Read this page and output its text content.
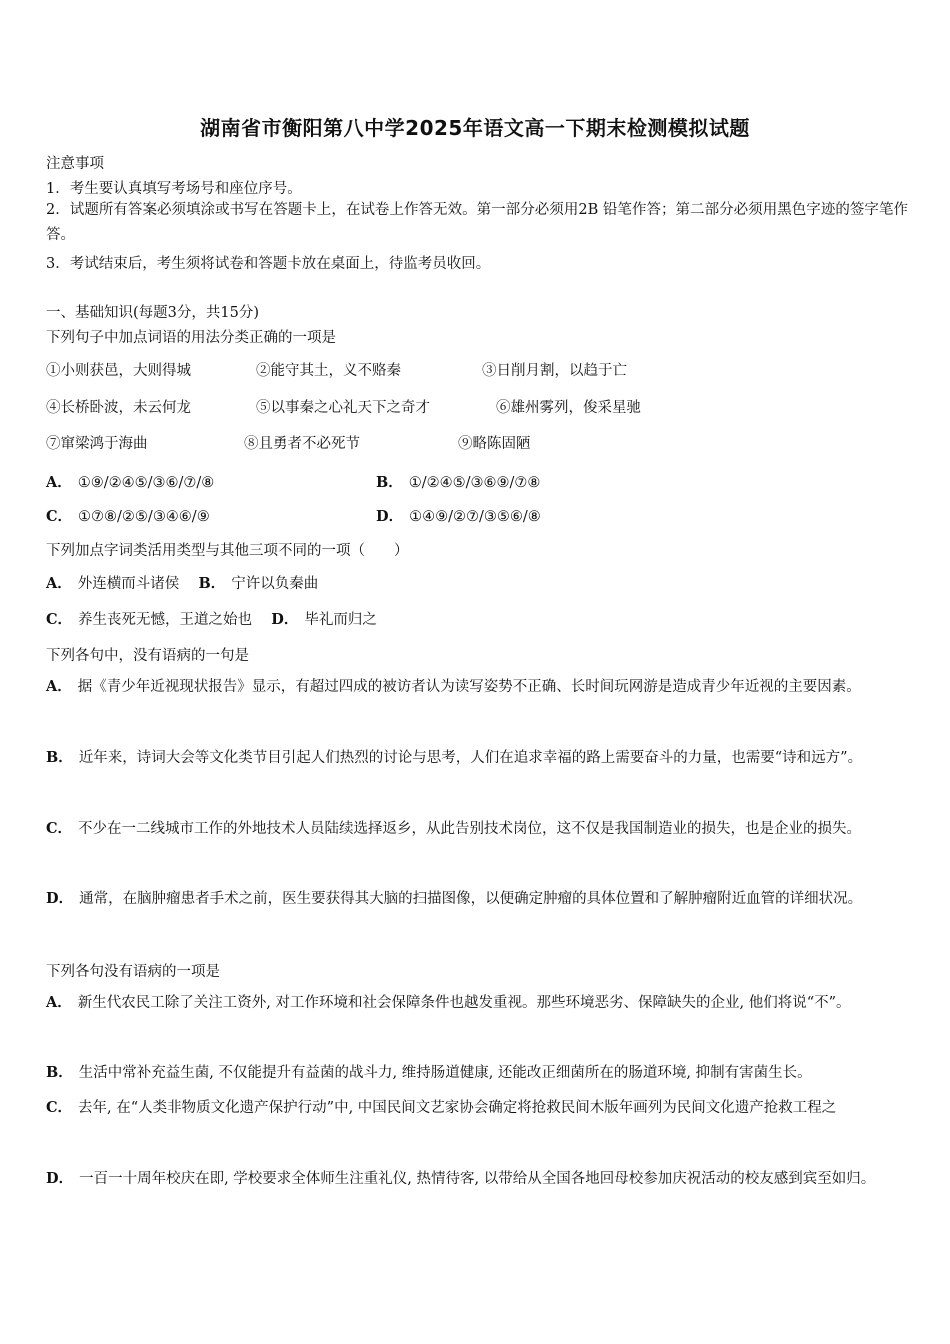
湖南省市衡阳第八中学2025年语文高一下期末检测模拟试题
注意事项
1．考生要认真填写考场号和座位序号。
2．试题所有答案必须填涂或书写在答题卡上，在试卷上作答无效。第一部分必须用2B 铅笔作答；第二部分必须用黑色字迹的签字笔作答。
3．考试结束后，考生须将试卷和答题卡放在桌面上，待监考员收回。
一、基础知识(每题3分，共15分)
下列句子中加点词语的用法分类正确的一项是
①小则获邑，大则得城	②能守其土，义不赂秦	③日削月割，以趋于亡
④长桥卧波，未云何龙	⑤以事秦之心礼天下之奇才	⑥雄州雾列，俊采星驰
⑦窜梁鸿于海曲	⑧且勇者不必死节	⑨略陈固陋
A． ①⑨/②④⑤/③⑥/⑦/⑧	B． ①/②④⑤/③⑥⑨/⑦⑧
C． ①⑦⑧/②⑤/③④⑥/⑨	D． ①④⑨/②⑦/③⑤⑥/⑧
下列加点字词类活用类型与其他三项不同的一项（　　）
A． 外连横而斗诸侯 B． 宁许以负秦曲
C． 养生丧死无憾，王道之始也 D． 毕礼而归之
下列各句中，没有语病的一句是
A． 据《青少年近视现状报告》显示，有超过四成的被访者认为读写姿势不正确、长时间玩网游是造成青少年近视的主要因素。
B． 近年来，诗词大会等文化类节目引起人们热烈的讨论与思考，人们在追求幸福的路上需要奋斗的力量，也需要“诗和远方”。
C． 不少在一二线城市工作的外地技术人员陆续选择返乡，从此告别技术岗位，这不仅是我国制造业的损失，也是企业的损失。
D． 通常，在脑肿瘤患者手术之前，医生要获得其大脑的扫描图像，以便确定肿瘤的具体位置和了解肿瘤附近血管的详细状况。
下列各句没有语病的一项是
A． 新生代农民工除了关注工资外, 对工作环境和社会保障条件也越发重视。那些环境恶劣、保障缺失的企业, 他们将说“不”。
B． 生活中常补充益生菌, 不仅能提升有益菌的战斗力, 维持肠道健康, 还能改正细菌所在的肠道环境, 抑制有害菌生长。
C． 去年, 在“人类非物质文化遗产保护行动”中, 中国民间文艺家协会确定将抢救民间木版年画列为民间文化遗产抢救工程之
D． 一百一十周年校庆在即, 学校要求全体师生注重礼仪, 热情待客, 以带给从全国各地回母校参加庆祝活动的校友感到宾至如归。
